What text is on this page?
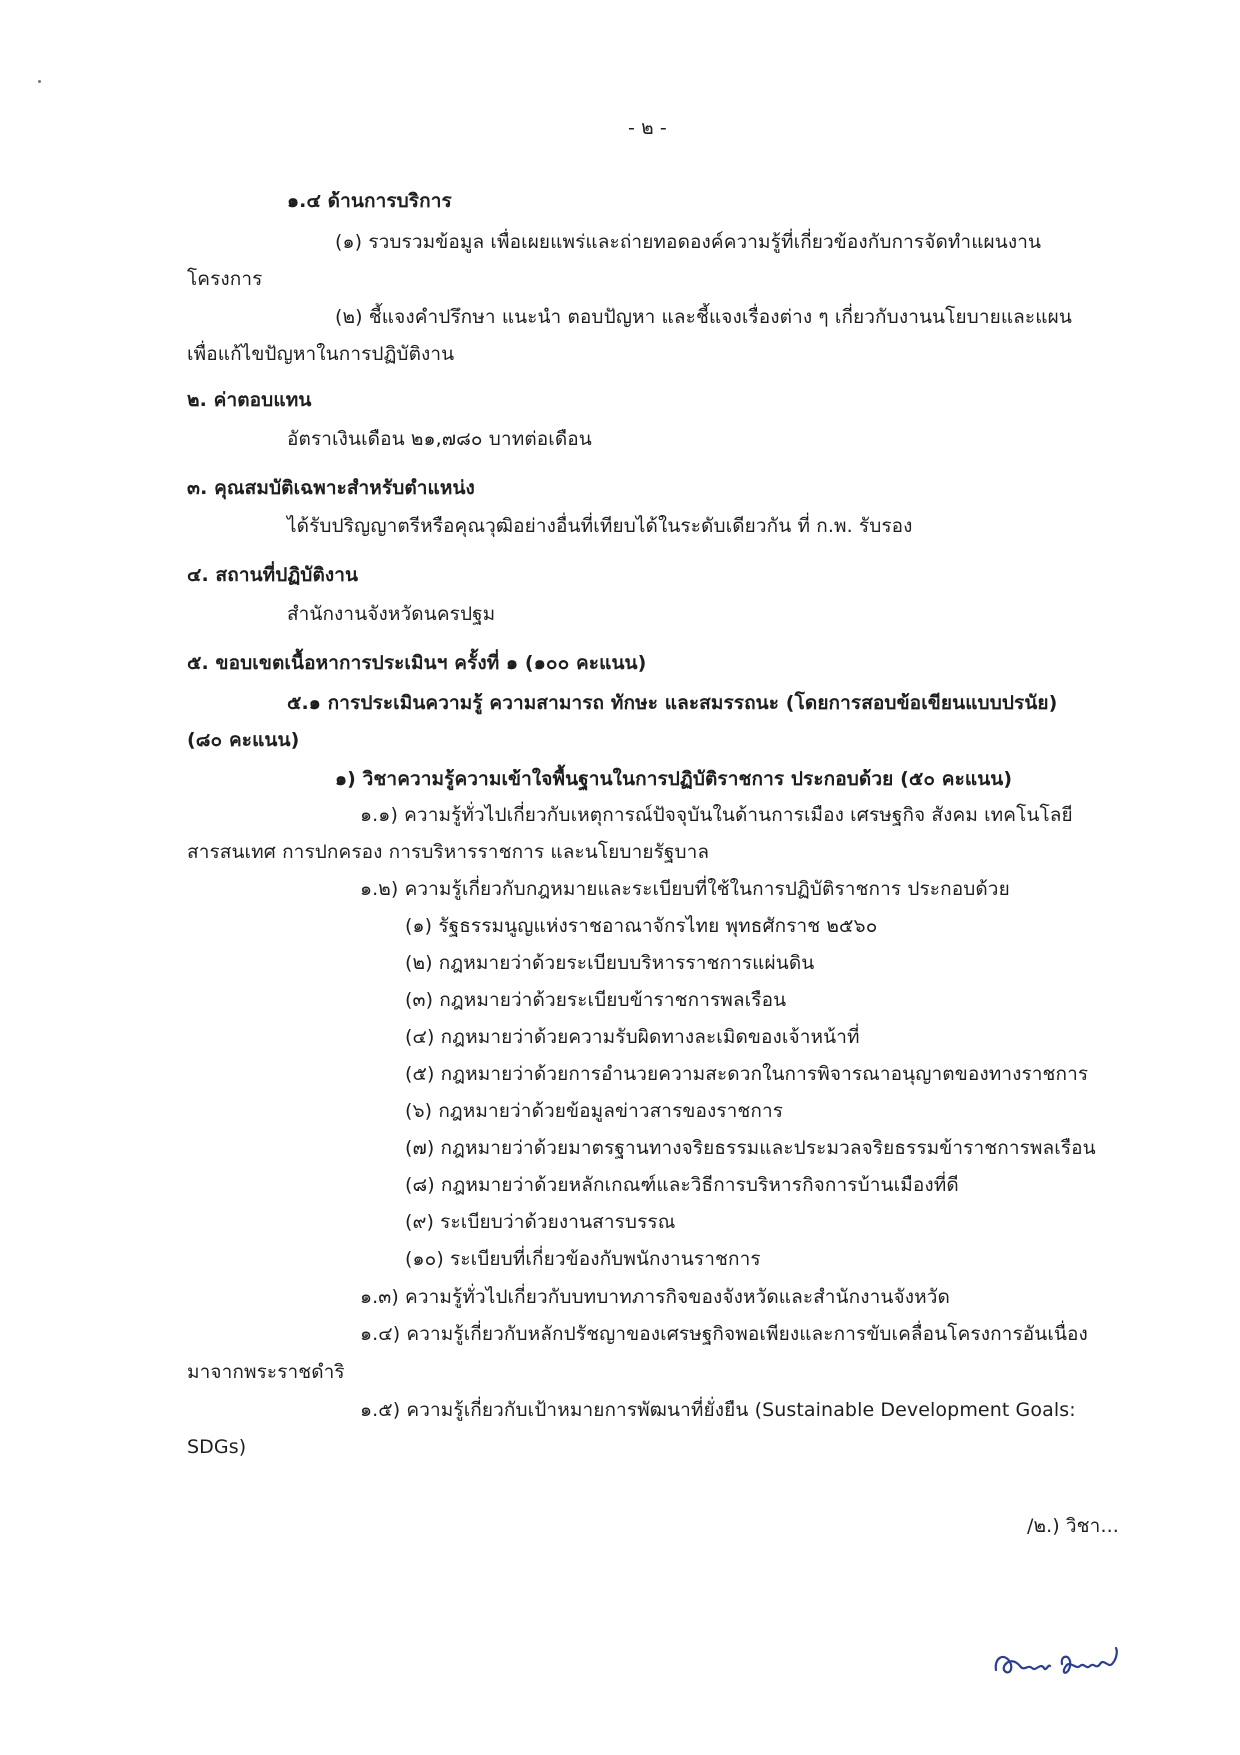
- ๒ -
๑.๔ ด้านการบริการ
(๑) รวบรวมข้อมูล เพื่อเผยแพร่และถ่ายทอดองค์ความรู้ที่เกี่ยวข้องกับการจัดทำแผนงาน
โครงการ
(๒) ชี้แจงคำปรึกษา แนะนำ ตอบปัญหา และชี้แจงเรื่องต่าง ๆ เกี่ยวกับงานนโยบายและแผน
เพื่อแก้ไขปัญหาในการปฏิบัติงาน
๒. ค่าตอบแทน
อัตราเงินเดือน ๒๑,๗๘๐ บาทต่อเดือน
๓. คุณสมบัติเฉพาะสำหรับตำแหน่ง
ได้รับปริญญาตรีหรือคุณวุฒิอย่างอื่นที่เทียบได้ในระดับเดียวกัน ที่ ก.พ. รับรอง
๔. สถานที่ปฏิบัติงาน
สำนักงานจังหวัดนครปฐม
๕. ขอบเขตเนื้อหาการประเมินฯ ครั้งที่ ๑ (๑๐๐ คะแนน)
๕.๑ การประเมินความรู้ ความสามารถ ทักษะ และสมรรถนะ (โดยการสอบข้อเขียนแบบปรนัย)
(๘๐ คะแนน)
๑) วิชาความรู้ความเข้าใจพื้นฐานในการปฏิบัติราชการ ประกอบด้วย (๕๐ คะแนน)
๑.๑) ความรู้ทั่วไปเกี่ยวกับเหตุการณ์ปัจจุบันในด้านการเมือง เศรษฐกิจ สังคม เทคโนโลยี
สารสนเทศ การปกครอง การบริหารราชการ และนโยบายรัฐบาล
๑.๒) ความรู้เกี่ยวกับกฎหมายและระเบียบที่ใช้ในการปฏิบัติราชการ ประกอบด้วย
(๑) รัฐธรรมนูญแห่งราชอาณาจักรไทย พุทธศักราช ๒๕๖๐
(๒) กฎหมายว่าด้วยระเบียบบริหารราชการแผ่นดิน
(๓) กฎหมายว่าด้วยระเบียบข้าราชการพลเรือน
(๔) กฎหมายว่าด้วยความรับผิดทางละเมิดของเจ้าหน้าที่
(๕) กฎหมายว่าด้วยการอำนวยความสะดวกในการพิจารณาอนุญาตของทางราชการ
(๖) กฎหมายว่าด้วยข้อมูลข่าวสารของราชการ
(๗) กฎหมายว่าด้วยมาตรฐานทางจริยธรรมและประมวลจริยธรรมข้าราชการพลเรือน
(๘) กฎหมายว่าด้วยหลักเกณฑ์และวิธีการบริหารกิจการบ้านเมืองที่ดี
(๙) ระเบียบว่าด้วยงานสารบรรณ
(๑๐) ระเบียบที่เกี่ยวข้องกับพนักงานราชการ
๑.๓) ความรู้ทั่วไปเกี่ยวกับบทบาทภารกิจของจังหวัดและสำนักงานจังหวัด
๑.๔) ความรู้เกี่ยวกับหลักปรัชญาของเศรษฐกิจพอเพียงและการขับเคลื่อนโครงการอันเนื่อง
มาจากพระราชดำริ
๑.๕) ความรู้เกี่ยวกับเป้าหมายการพัฒนาที่ยั่งยืน (Sustainable Development Goals:
SDGs)
/๒.) วิชา...
